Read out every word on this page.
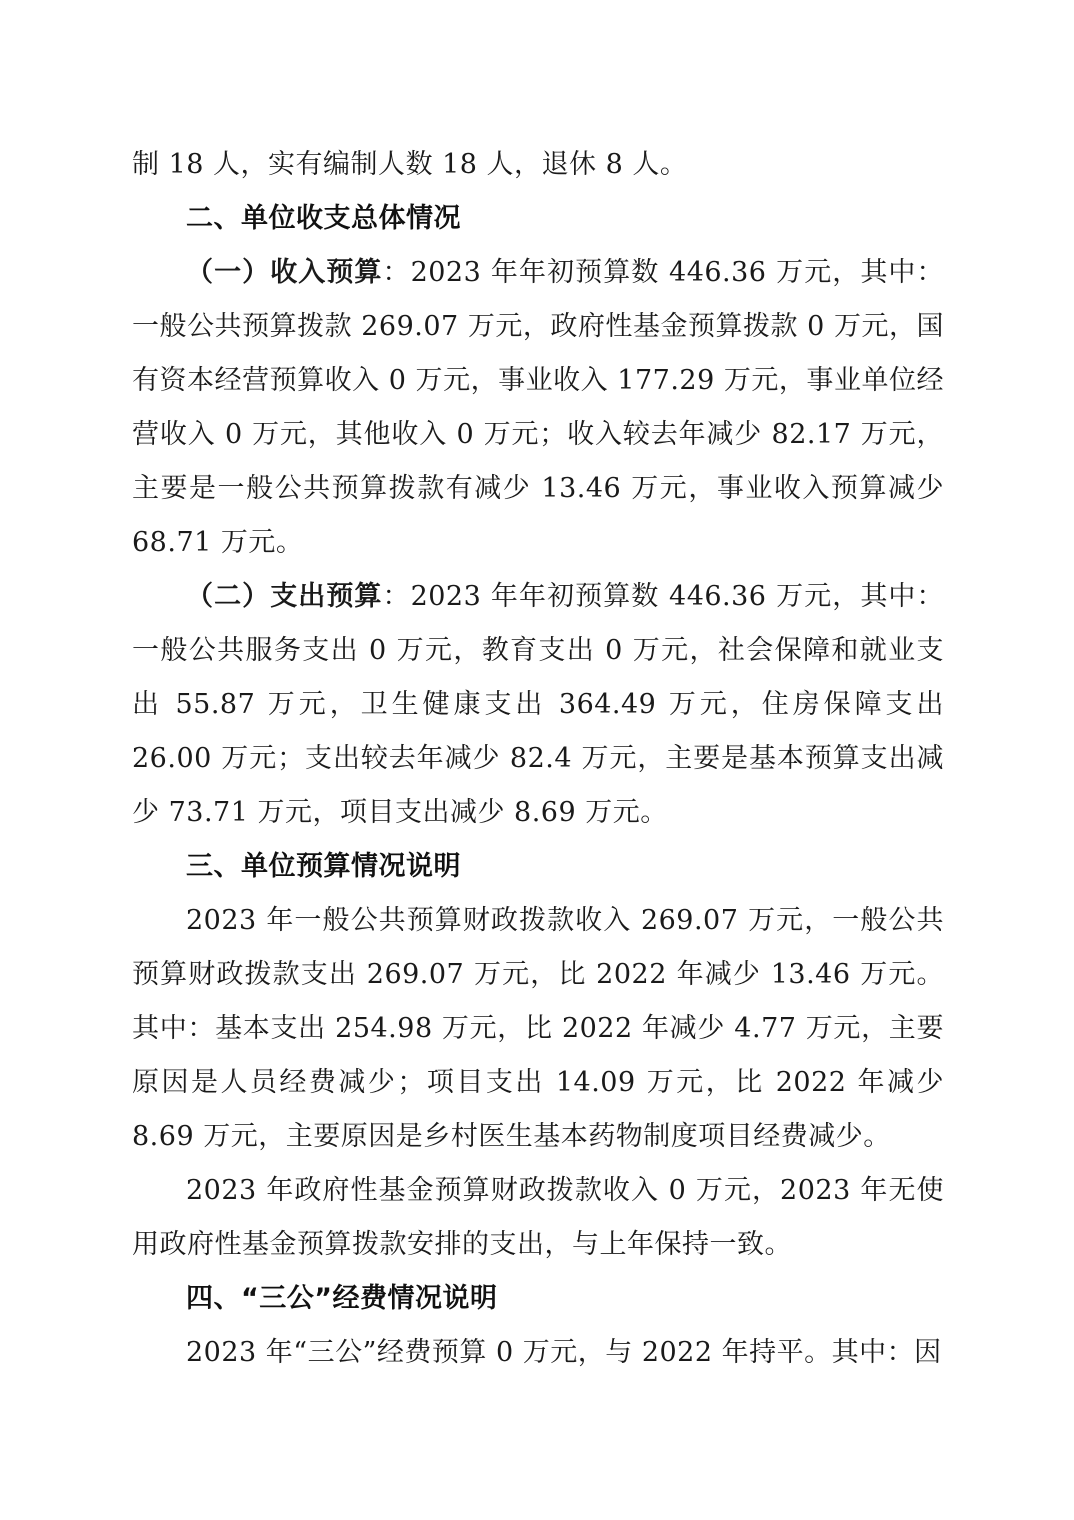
制 18 人，实有编制人数 18 人，退休 8 人。

二、单位收支总体情况

（一）收入预算：2023 年年初预算数 446.36 万元，其中：一般公共预算拨款 269.07 万元，政府性基金预算拨款 0 万元，国有资本经营预算收入 0 万元，事业收入 177.29 万元，事业单位经营收入 0 万元，其他收入 0 万元；收入较去年减少 82.17 万元，主要是一般公共预算拨款有减少 13.46 万元，事业收入预算减少 68.71 万元。

（二）支出预算：2023 年年初预算数 446.36 万元，其中：一般公共服务支出 0 万元，教育支出 0 万元，社会保障和就业支出 55.87 万元，卫生健康支出 364.49 万元，住房保障支出 26.00 万元；支出较去年减少 82.4 万元，主要是基本预算支出减少 73.71 万元，项目支出减少 8.69 万元。

三、单位预算情况说明

2023 年一般公共预算财政拨款收入 269.07 万元，一般公共预算财政拨款支出 269.07 万元，比 2022 年减少 13.46 万元。其中：基本支出 254.98 万元，比 2022 年减少 4.77 万元，主要原因是人员经费减少；项目支出 14.09 万元，比 2022 年减少 8.69 万元，主要原因是乡村医生基本药物制度项目经费减少。

2023 年政府性基金预算财政拨款收入 0 万元，2023 年无使用政府性基金预算拨款安排的支出，与上年保持一致。

四、“三公”经费情况说明

2023 年“三公”经费预算 0 万元，与 2022 年持平。其中：因
